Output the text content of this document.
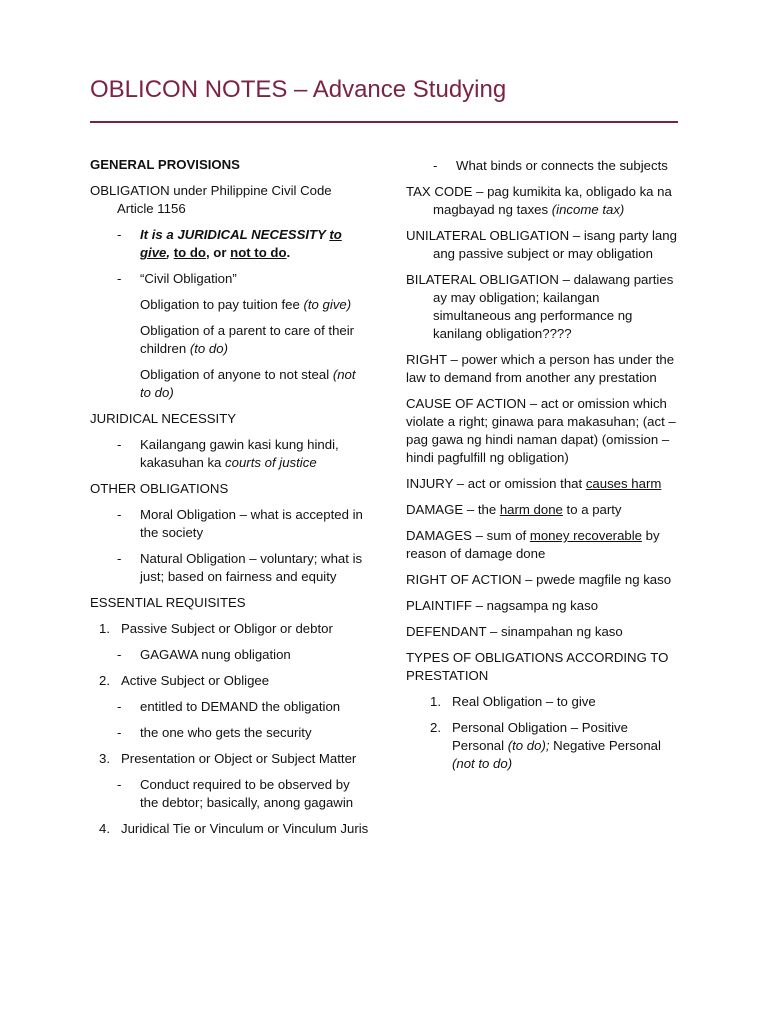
OBLICON NOTES – Advance Studying
GENERAL PROVISIONS
OBLIGATION under Philippine Civil Code Article 1156
- It is a JURIDICAL NECESSITY to give, to do, or not to do.
- “Civil Obligation”
Obligation to pay tuition fee (to give)
Obligation of a parent to care of their children (to do)
Obligation of anyone to not steal (not to do)
JURIDICAL NECESSITY
- Kailangang gawin kasi kung hindi, kakasuhan ka courts of justice
OTHER OBLIGATIONS
- Moral Obligation – what is accepted in the society
- Natural Obligation – voluntary; what is just; based on fairness and equity
ESSENTIAL REQUISITES
1. Passive Subject or Obligor or debtor
- GAGAWA nung obligation
2. Active Subject or Obligee
- entitled to DEMAND the obligation
- the one who gets the security
3. Presentation or Object or Subject Matter
- Conduct required to be observed by the debtor; basically, anong gagawin
4. Juridical Tie or Vinculum or Vinculum Juris
- What binds or connects the subjects
TAX CODE – pag kumikita ka, obligado ka na magbayad ng taxes (income tax)
UNILATERAL OBLIGATION – isang party lang ang passive subject or may obligation
BILATERAL OBLIGATION – dalawang parties ay may obligation; kailangan simultaneous ang performance ng kanilang obligation????
RIGHT – power which a person has under the law to demand from another any prestation
CAUSE OF ACTION – act or omission which violate a right; ginawa para makasuhan; (act – pag gawa ng hindi naman dapat) (omission – hindi pagfulfill ng obligation)
INJURY – act or omission that causes harm
DAMAGE – the harm done to a party
DAMAGES – sum of money recoverable by reason of damage done
RIGHT OF ACTION – pwede magfile ng kaso
PLAINTIFF – nagsampa ng kaso
DEFENDANT – sinampahan ng kaso
TYPES OF OBLIGATIONS ACCORDING TO PRESTATION
1. Real Obligation – to give
2. Personal Obligation – Positive Personal (to do); Negative Personal (not to do)
